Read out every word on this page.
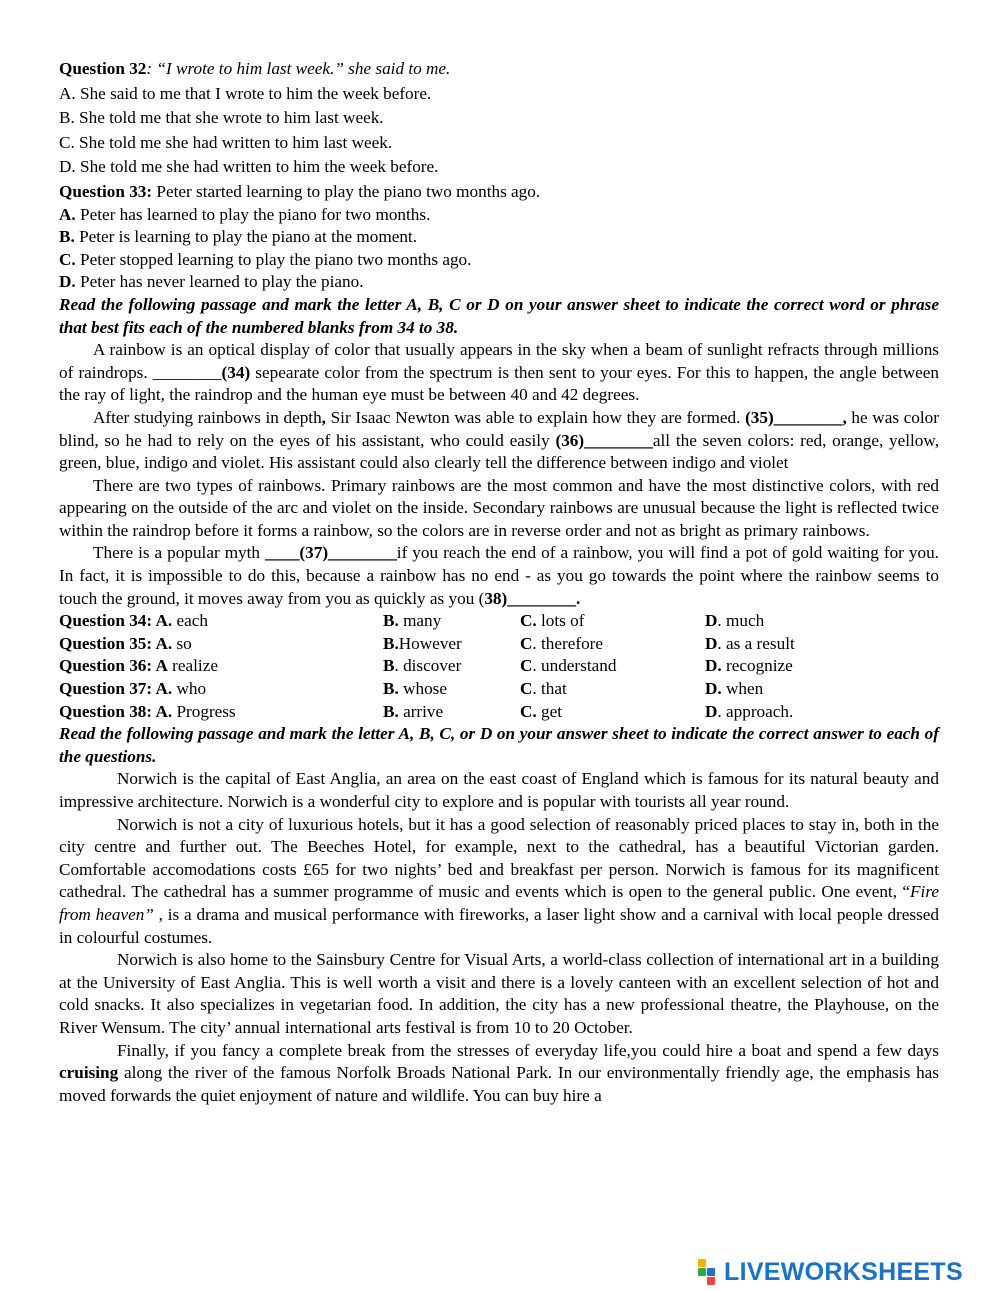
Question 32: “I wrote to him last week.” she said to me.
A. She said to me that I wrote to him the week before.
B. She told me that she wrote to him last week.
C. She told me she had written to him last week.
D. She told me she had written to him the week before.
Question 33: Peter started learning to play the piano two months ago.
A. Peter has learned to play the piano for two months.
B. Peter is learning to play the piano at the moment.
C. Peter stopped learning to play the piano two months ago.
D. Peter has never learned to play the piano.

Read the following passage and mark the letter A, B, C or D on your answer sheet to indicate the correct word or phrase that best fits each of the numbered blanks from 34 to 38.

A rainbow is an optical display of color that usually appears in the sky when a beam of sunlight refracts through millions of raindrops. ________(34) sepearate color from the spectrum is then sent to your eyes. For this to happen, the angle between the ray of light, the raindrop and the human eye must be between 40 and 42 degrees.

After studying rainbows in depth, Sir Isaac Newton was able to explain how they are formed. (35)________, he was color blind, so he had to rely on the eyes of his assistant, who could easily (36)________all the seven colors: red, orange, yellow, green, blue, indigo and violet. His assistant could also clearly tell the difference between indigo and violet

There are two types of rainbows. Primary rainbows are the most common and have the most distinctive colors, with red appearing on the outside of the arc and violet on the inside. Secondary rainbows are unusual because the light is reflected twice within the raindrop before it forms a rainbow, so the colors are in reverse order and not as bright as primary rainbows.

There is a popular myth ____(37)________if you reach the end of a rainbow, you will find a pot of gold waiting for you. In fact, it is impossible to do this, because a rainbow has no end - as you go towards the point where the rainbow seems to touch the ground, it moves away from you as quickly as you (38)________.

Question 34: A. each	B. many	C. lots of	D. much
Question 35: A. so	B.However	C. therefore	D. as a result
Question 36: A realize	B. discover	C. understand	D. recognize
Question 37: A. who	B. whose	C. that	D. when
Question 38: A. Progress	B. arrive	C. get	D. approach.

Read the following passage and mark the letter A, B, C, or D on your answer sheet to indicate the correct answer to each of the questions.

Norwich is the capital of East Anglia, an area on the east coast of England which is famous for its natural beauty and impressive architecture. Norwich is a wonderful city to explore and is popular with tourists all year round.

Norwich is not a city of luxurious hotels, but it has a good selection of reasonably priced places to stay in, both in the city centre and further out. The Beeches Hotel, for example, next to the cathedral, has a beautiful Victorian garden. Comfortable accomodations costs £65 for two nights’ bed and breakfast per person. Norwich is famous for its magnificent cathedral. The cathedral has a summer programme of music and events which is open to the general public. One event, “Fire from heaven” , is a drama and musical performance with fireworks, a laser light show and a carnival with local people dressed in colourful costumes.

Norwich is also home to the Sainsbury Centre for Visual Arts, a world-class collection of international art in a building at the University of East Anglia. This is well worth a visit and there is a lovely canteen with an excellent selection of hot and cold snacks. It also specializes in vegetarian food. In addition, the city has a new professional theatre, the Playhouse, on the River Wensum. The city’ annual international arts festival is from 10 to 20 October.

Finally, if you fancy a complete break from the stresses of everyday life,you could hire a boat and spend a few days cruising along the river of the famous Norfolk Broads National Park. In our environmentally friendly age, the emphasis has moved forwards the quiet enjoyment of nature and wildlife. You can buy hire a

LIVEWORKSHEETS
